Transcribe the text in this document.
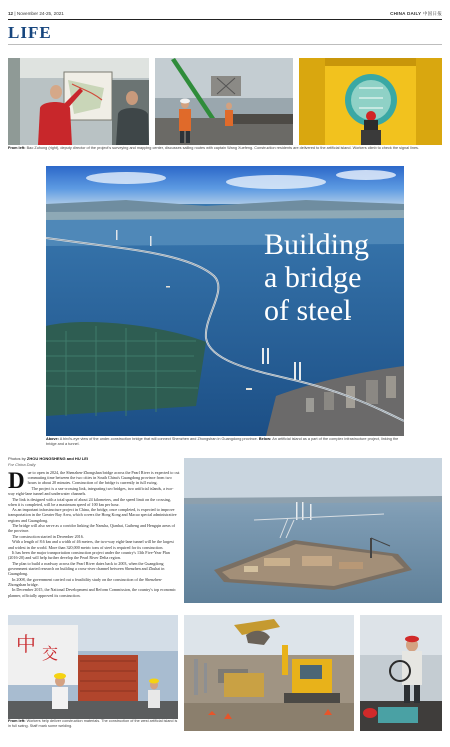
12 | November 24-25, 2021	CHINA DAILY 中国日报
LIFE
From left: Bao Zuhong (right), deputy director of the project's surveying and mapping center, discusses sailing routes with captain Wang Xuefeng. Construction residents are delivered to the artificial island. Workers climb to check the signal lines.
Building
a bridge
of steel
Above: A bird's-eye view of the under-construction bridge that will connect Shenzhen and Zhongshan in Guangdong province. Below: An artificial island as a part of the complex infrastructure project, linking the bridge and a tunnel.
Photos by ZHOU HONGSHENG and HU LEI
For China Daily

Due to open in 2024, the Shenzhen-Zhongshan bridge across the Pearl River is expected to cut commuting time between the two cities in South China's Guangdong province from two hours to about 20 minutes. Construction of the bridge is currently in full swing.

The project is a sea-crossing link, integrating two bridges, two artificial islands, a two-way eight-lane tunnel and underwater channels.

The link is designed with a total span of about 24 kilometers, and the speed limit on the crossing, when it is completed, will be a maximum speed of 100 km per hour.

As an important infrastructure project in China, the bridge, once completed, is expected to improve transportation in the Greater Bay Area, which covers the Hong Kong and Macao special administrative regions and Guangdong.

The bridge will also serve as a corridor linking the Nansha, Qianhai, Guibeng and Hengqin areas of the province.

The construction started in December 2016.

With a length of 8.6 km and a width of 46 meters, the two-way eight-lane tunnel will be the largest and widest in the world. More than 320,000 metric tons of steel is required for its construction.

It has been the major transportation construction project under the country's 13th Five-Year Plan (2016-20) and will help further develop the Pearl River Delta region.

The plan to build a roadway across the Pearl River dates back to 2003, when the Guangdong government started research on building a cross-river channel between Shenzhen and Zhuhai in Guangdong.

In 2008, the government carried out a feasibility study on the construction of the Shenzhen-Zhongshan bridge.

In December 2015, the National Development and Reform Commission, the country's top economic planner, officially approved its construction.

中 交
From left: Workers help deliver construction materials. The construction of the west artificial island is in full swing. Staff mark some welding.
